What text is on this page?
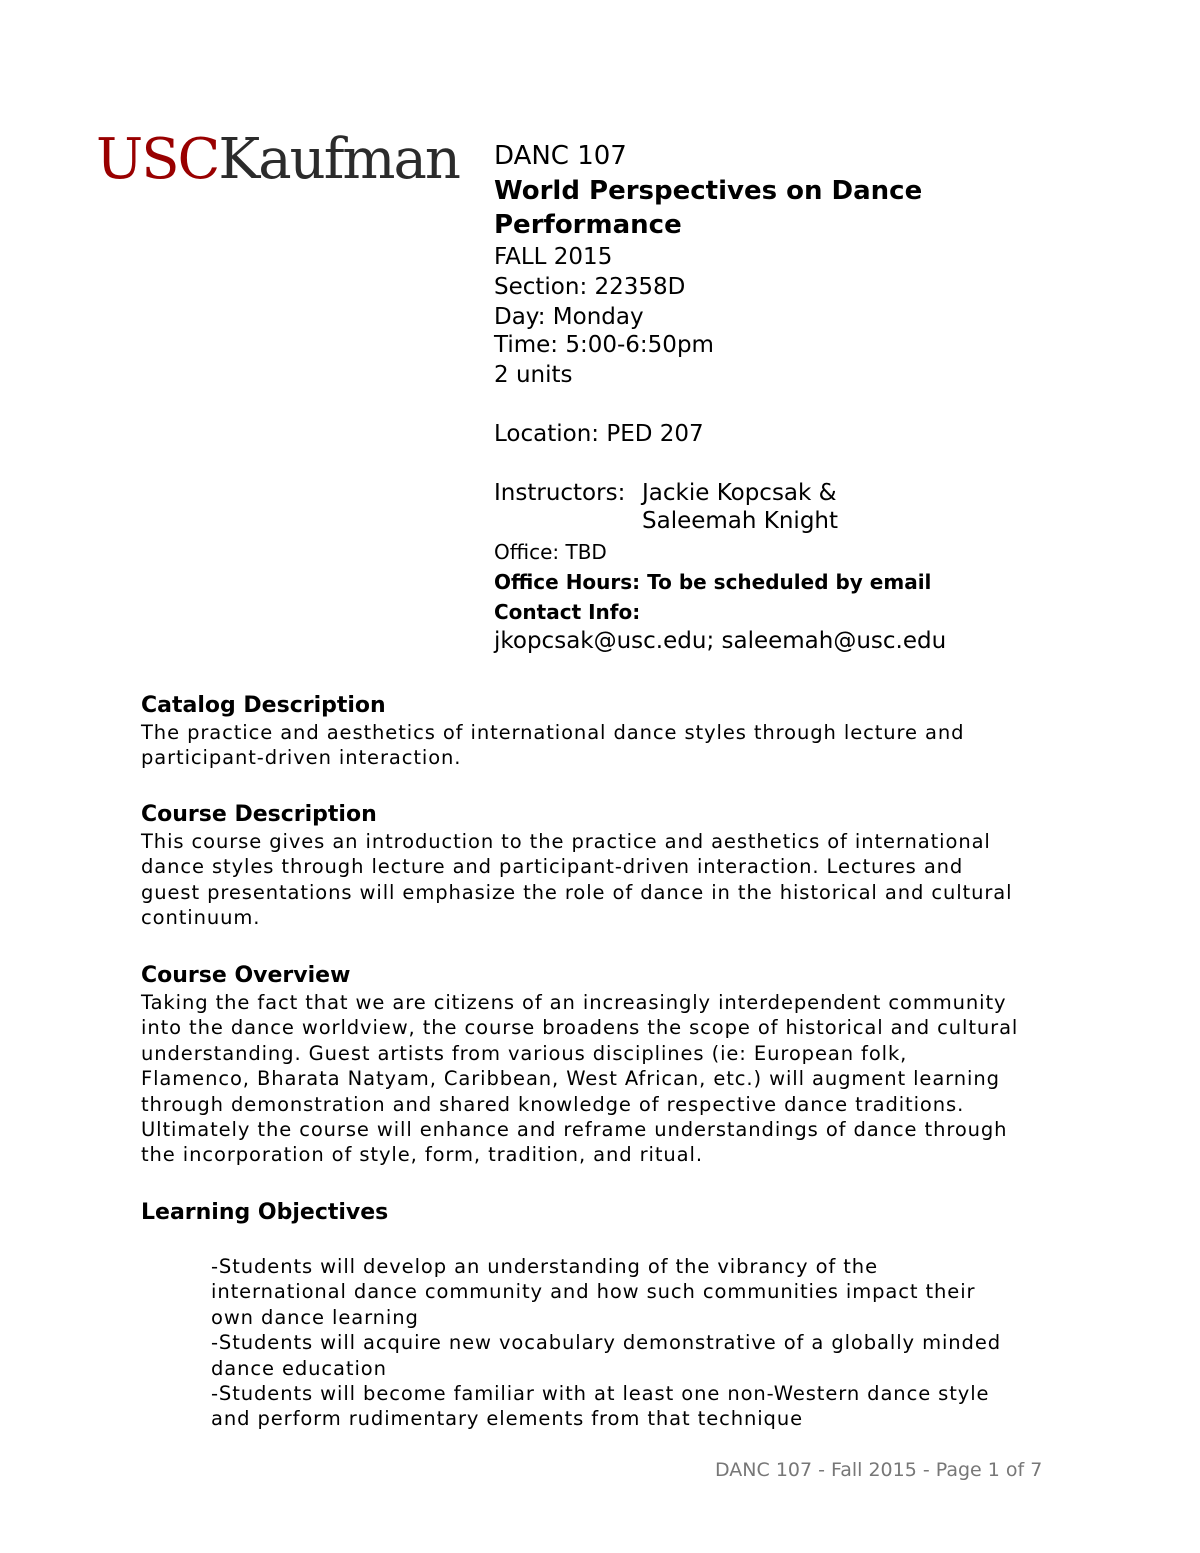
USCKaufman DANC 107
World Perspectives on Dance
Performance
FALL 2015
Section: 22358D
Day: Monday
Time: 5:00-6:50pm
2 units
Location: PED 207
Instructors: Jackie Kopcsak &
Saleemah Knight
Office: TBD
Office Hours: To be scheduled by email
Contact Info:
jkopcsak@usc.edu; saleemah@usc.edu
Catalog Description
The practice and aesthetics of international dance styles through lecture and
participant-driven interaction.
Course Description
This course gives an introduction to the practice and aesthetics of international
dance styles through lecture and participant-driven interaction. Lectures and
guest presentations will emphasize the role of dance in the historical and cultural
continuum.
Course Overview
Taking the fact that we are citizens of an increasingly interdependent community
into the dance worldview, the course broadens the scope of historical and cultural
understanding. Guest artists from various disciplines (ie: European folk,
Flamenco, Bharata Natyam, Caribbean, West African, etc.) will augment learning
through demonstration and shared knowledge of respective dance traditions.
Ultimately the course will enhance and reframe understandings of dance through
the incorporation of style, form, tradition, and ritual.
Learning Objectives
-Students will develop an understanding of the vibrancy of the
international dance community and how such communities impact their
own dance learning
-Students will acquire new vocabulary demonstrative of a globally minded
dance education
-Students will become familiar with at least one non-Western dance style
and perform rudimentary elements from that technique
DANC 107 - Fall 2015 - Page 1 of 7
